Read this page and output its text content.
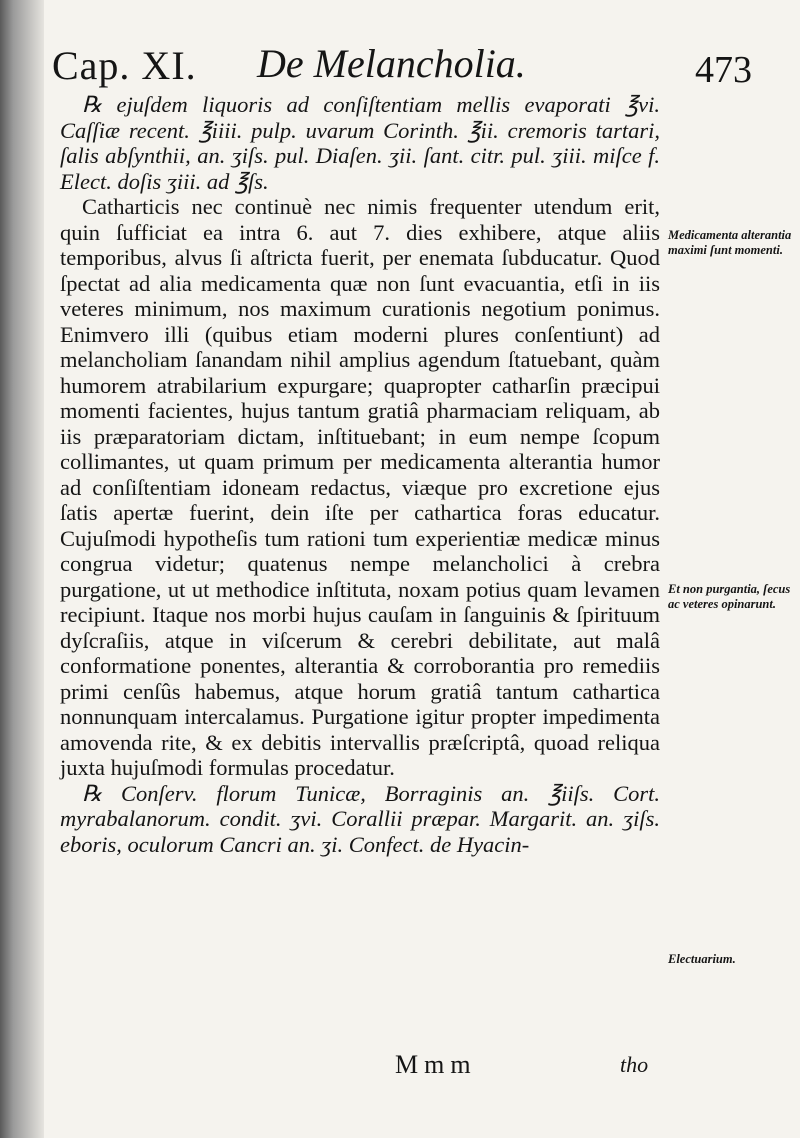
Cap. XI. De Melancholia.	473

℞ ejuſdem liquoris ad conſiſtentiam mellis evaporati ℥vi. Caſſiæ recent. ℥iiii. pulp. uvarum Corinth. ℥ii. cremoris tartari, ſalis abſynthii, an. ʒiſs. pul. Diaſen. ʒii. ſant. citr. pul. ʒiii. miſce f. Elect. doſis ʒiii. ad ℥ſs.

Catharticis nec continuè nec nimis frequenter utendum erit, quin ſufficiat ea intra 6. aut 7. dies exhibere, atque aliis temporibus, alvus ſi aſtricta fuerit, per enemata ſubducatur. Quod ſpectat ad alia medicamenta quæ non ſunt evacuantia, etſi in iis veteres minimum, nos maximum curationis negotium ponimus. Enimvero illi (quibus etiam moderni plures conſentiunt) ad melancholiam ſanandam nihil amplius agendum ſtatuebant, quàm humorem atrabilarium expurgare; quapropter catharſin præcipui momenti facientes, hujus tantum gratiâ pharmaciam reliquam, ab iis præparatoriam dictam, inſtituebant; in eum nempe ſcopum collimantes, ut quam primum per medicamenta alterantia humor ad conſiſtentiam idoneam redactus, viæque pro excretione ejus ſatis apertæ fuerint, dein iſte per cathartica foras educatur. Cujuſmodi hypotheſis tum rationi tum experientiæ medicæ minus congrua videtur; quatenus nempe melancholici à crebra purgatione, ut ut methodice inſtituta, noxam potius quam levamen recipiunt. Itaque nos morbi hujus cauſam in ſanguinis & ſpirituum dyſcraſiis, atque in viſcerum & cerebri debilitate, aut malâ conformatione ponentes, alterantia & corroborantia pro remediis primi cenſûs habemus, atque horum gratiâ tantum cathartica nonnunquam intercalamus. Purgatione igitur propter impedimenta amovenda rite, & ex debitis intervallis præſcriptâ, quoad reliqua juxta hujuſmodi formulas procedatur.

℞ Conſerv. florum Tunicæ, Borraginis an. ℥iiſs. Cort. myrabalanorum. condit. ʒvi. Corallii præpar. Margarit. an. ʒiſs. eboris, oculorum Cancri an. ʒi. Confect. de Hyacin-

Medicamenta alterantia maximi ſunt momenti.
Et non purgantia, ſecus ac veteres opinarunt.
Electuarium.
Mmm	tho
